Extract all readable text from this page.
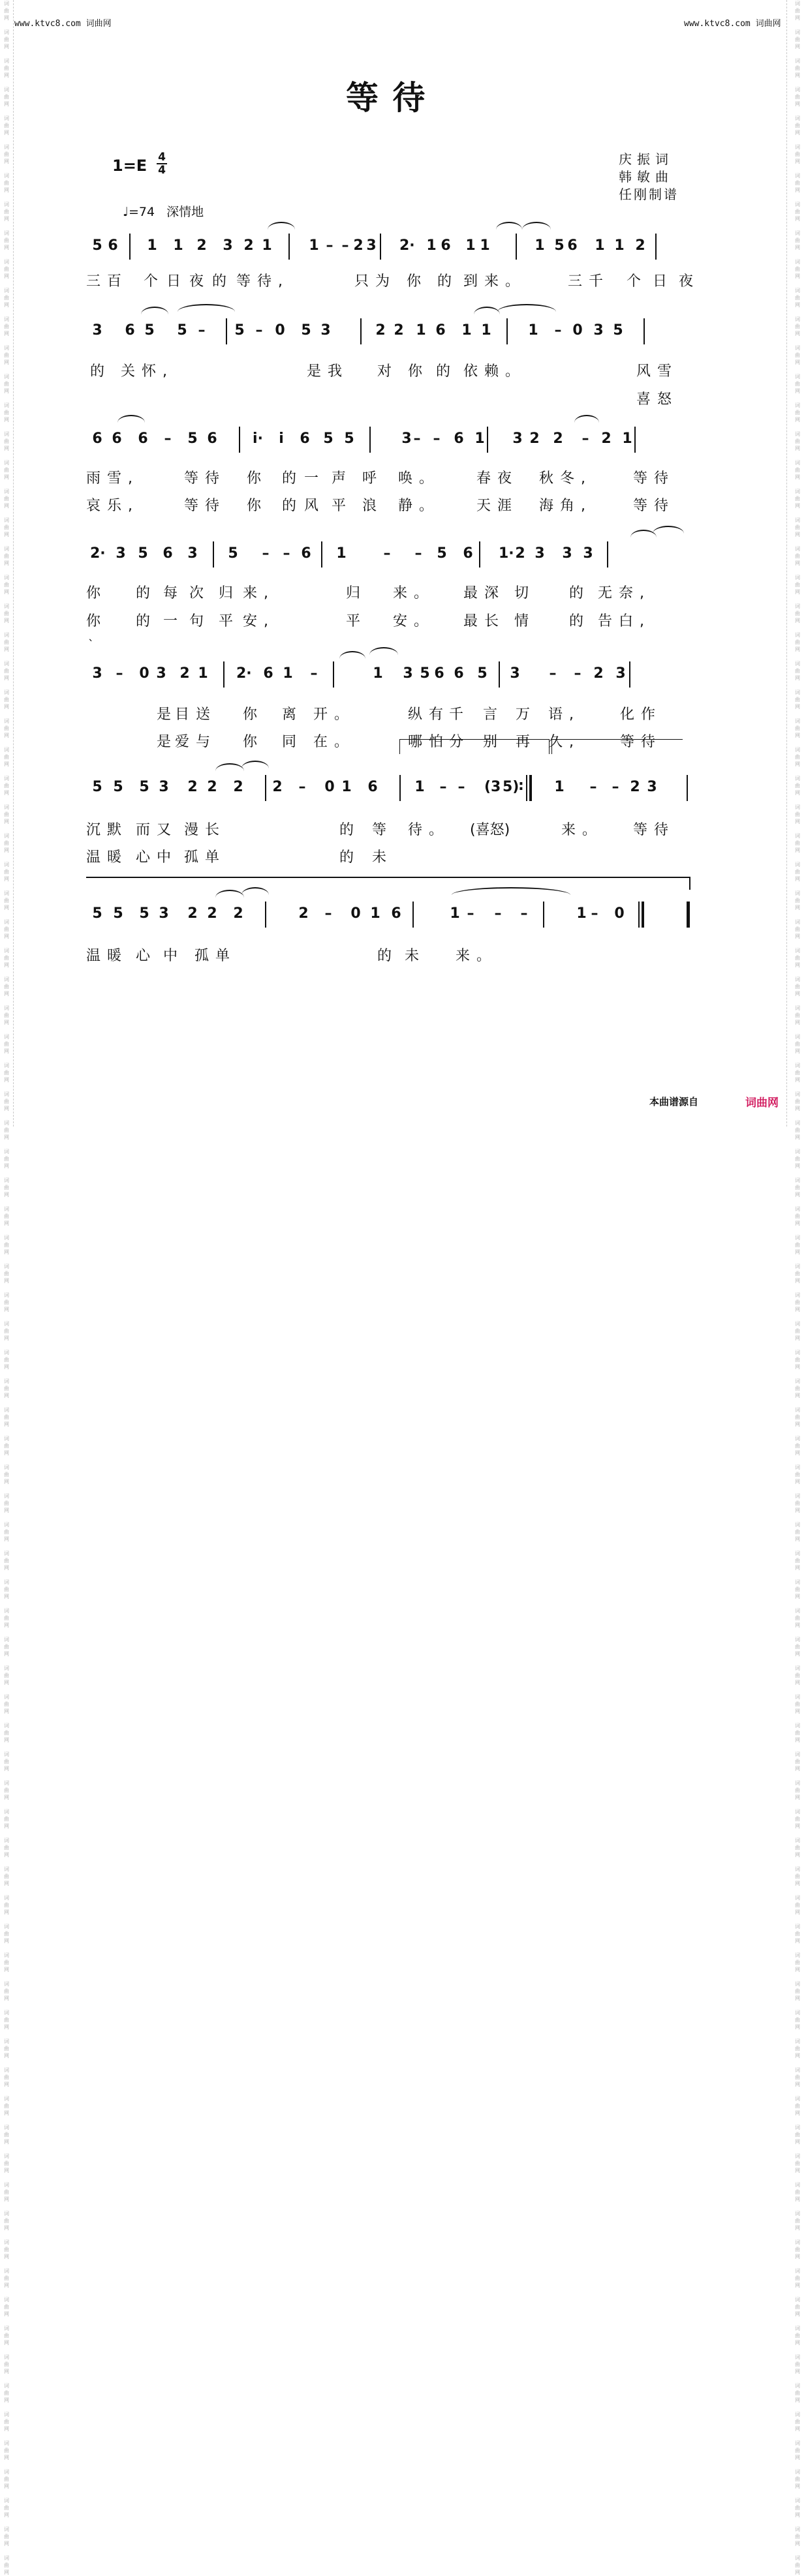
www.ktvc8.com 词曲网	www.ktvc8.com 词曲网
词
曲
网

词
曲
网

词
曲
网

词
曲
网

词
曲
网

词
曲
网

词
曲
网

词
曲
网

词
曲
网

词
曲
网

词
曲
网

词
曲
网

词
曲
网

词
曲
网

词
曲
网

词
曲
网

词
曲
网

词
曲
网

词
曲
网

词
曲
网

词
曲
网

词
曲
网

词
曲
网

词
曲
网

词
曲
网

词
曲
网

词
曲
网

词
曲
网

词
曲
网

词
曲
网

词
曲
网

词
曲
网

词
曲
网

词
曲
网

词
曲
网

词
曲
网

词
曲
网

词
曲
网

词
曲
网

词
曲
网

词
曲
网

词
曲
网

词
曲
网

词
曲
网

词
曲
网

词
曲
网

词
曲
网

词
曲
网

词
曲
网

词
曲
网

词
曲
网

词
曲
网

词
曲
网

词
曲
网

词
曲
网

词
曲
网

词
曲
网

词
曲
网

词
曲
网

词
曲
网

词
曲
网

词
曲
网

词
曲
网

词
曲
网

词
曲
网

词
曲
网

词
曲
网

词
曲
网

词
曲
网

词
曲
网

词
曲
网

词
曲
网

词
曲
网

词
曲
网

词
曲
网

词
曲
网

词
曲
网

词
曲
网

词
曲
网

词
曲
网

词
曲
网

词
曲
网

词
曲
网

词
曲
网

词
曲
网

词
曲
网

词
曲
网

词
曲
网

词
曲
网

词
曲
网

词
曲
网

词
曲
网

词
曲
网

词
曲
网

词
曲
网

词
曲
网

词
曲
网

词
曲
网

词
曲
网

词
曲
网

词
曲
网

词
曲
网

词
曲
网

词
曲
网

词
曲
网

词
曲
网

词
曲
网

词
曲
网

词
曲
网

词
曲
网

词
曲
网

词
曲
网

词
曲
网

词
曲
网

词
曲
网

词
曲
网

词
曲
网

词
曲
网

词
曲
网

词
曲
网

词
曲
网

词
曲
网

词
曲
网

词
曲
网

词
曲
网

词
曲
网

词
曲
网

词
曲
网

词
曲
网

词
曲
网

词
曲
网

词
曲
网

词
曲
网

词
曲
网

词
曲
网

词
曲
网

词
曲
网

词
曲
网

词
曲
网

词
曲
网

词
曲
网

词
曲
网

词
曲
网

词
曲
网

词
曲
网

词
曲
网

词
曲
网

词
曲
网

词
曲
网

词
曲
网

词
曲
网

词
曲
网

词
曲
网

词
曲
网

词
曲
网

词
曲
网

词
曲
网

词
曲
网

词
曲
网

词
曲
网

词
曲
网

词
曲
网

词
曲
网

词
曲
网

词
曲
网

词
曲
网

词
曲
网

词
曲
网

词
曲
网

词
曲
网

词
曲
网

词
曲
网

词
曲
网

词
曲
网

词
曲
网

词
曲
网

词
曲
网

词
曲
网

词
曲
网

词
曲
网

等 待
$1=E \frac{4}{4}$
♩=74 深情地
庆振词
韩敏曲
任刚制谱
5 6 1 1 2 3 2 1	1 – – 2 3 2· 1 6 1 1	1 5 6 1 1 2
三百 个 日 夜 的 等待,	只为 你 的 到来。	三千 个 日 夜
3 6 5 5 – 5 – 0 5 3	2 2 1 6 1 1	1 – 0 3 5
的 关怀,	是我 对 你 的 依赖。	风雪
喜怒
6 6 6 – 5 6 i·	i	6 5 5	3 – – 6 1 3 2 2 – 2 1
雨雪,	等待 你 的 一 声 呼 唤。	春夜 秋冬,	等待
哀乐,	等待 你 的 风 平 浪 静。	天涯 海角,	等待
2· 3 5 6 3 5 – – 6 1	– – 5 6 1· 2 3 3 3
你 的 每 次 归 来,	归 来。 最深 切	的 无奈,
你 的 一 句 平 安,	平 安。 最长 情	的 告白,
ˋ
3 – 0 3 2 1 2· 6 1 –	1 3 5 6 6 5 3 – – 2 3
是 目送 你 离 开。	纵有
千 言 万 语,	化作
是 爱与 你 同 在。	哪怕
分 别 再 久,	等待
5 5 5 3 2 2 2 2 – 0 1 6	1 – – (3 5)
: 1 – – 2 3
沉默 而又 漫长	的 等 待。 (喜怒)	来。 等待
温暖 心中 孤单	的 未
5 5 5 3 2 2 2	2 – 0 1 6	1 – – –	1 – 0
温暖 心 中 孤单	的 未	来。
本曲谱源自	词曲网
